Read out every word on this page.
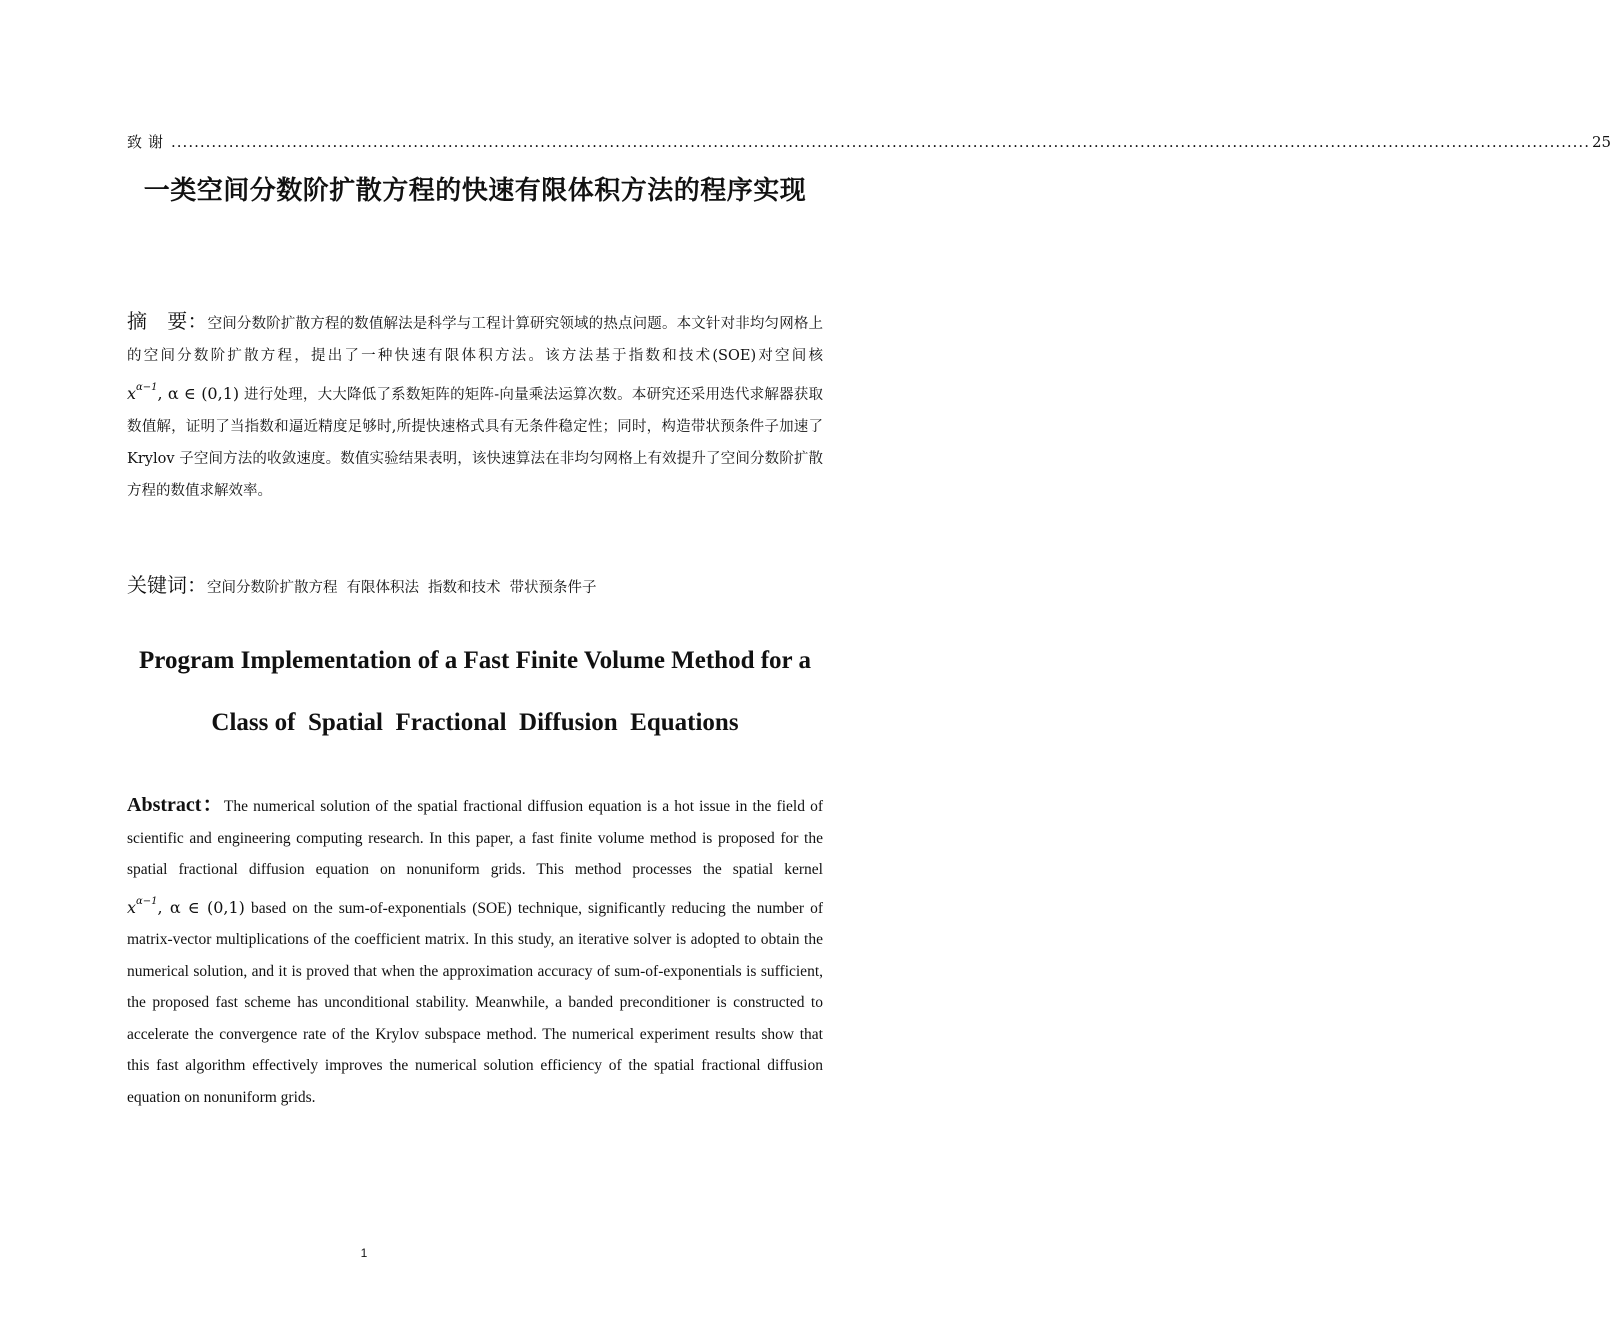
致谢 ...................................................................................................................................................................................................................................................... 25
一类空间分数阶扩散方程的快速有限体积方法的程序实现
摘　要：空间分数阶扩散方程的数值解法是科学与工程计算研究领域的热点问题。本文针对非均匀网格上的空间分数阶扩散方程，提出了一种快速有限体积方法。该方法基于指数和技术(SOE)对空间核 $x^{\alpha-1}$, α ∈ (0,1) 进行处理，大大降低了系数矩阵的矩阵-向量乘法运算次数。本研究还采用迭代求解器获取数值解，证明了当指数和逼近精度足够时,所提快速格式具有无条件稳定性；同时，构造带状预条件子加速了 Krylov 子空间方法的收敛速度。数值实验结果表明，该快速算法在非均匀网格上有效提升了空间分数阶扩散方程的数值求解效率。
关键词：空间分数阶扩散方程 有限体积法 指数和技术 带状预条件子
Program Implementation of a Fast Finite Volume Method for a
Class of  Spatial  Fractional  Diffusion  Equations
Abstract：The numerical solution of the spatial fractional diffusion equation is a hot issue in the field of scientific and engineering computing research. In this paper, a fast finite volume method is proposed for the spatial fractional diffusion equation on nonuniform grids. This method processes the spatial kernel $x^{\alpha-1}$, α ∈ (0,1) based on the sum-of-exponentials (SOE) technique, significantly reducing the number of matrix-vector multiplications of the coefficient matrix. In this study, an iterative solver is adopted to obtain the numerical solution, and it is proved that when the approximation accuracy of sum-of-exponentials is sufficient, the proposed fast scheme has unconditional stability. Meanwhile, a banded preconditioner is constructed to accelerate the convergence rate of the Krylov subspace method. The numerical experiment results show that this fast algorithm effectively improves the numerical solution efficiency of the spatial fractional diffusion equation on nonuniform grids.
1
